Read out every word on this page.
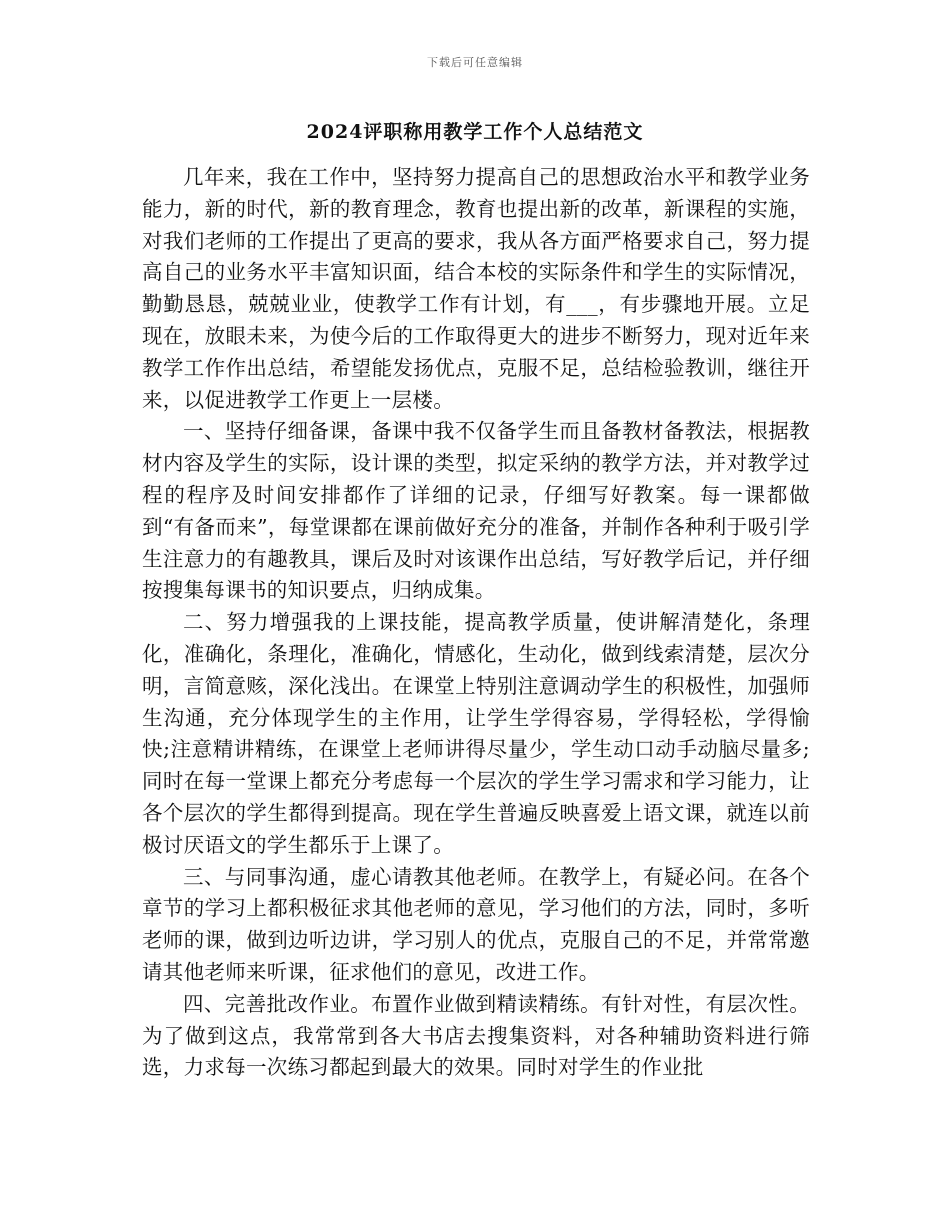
下载后可任意编辑
2024评职称用教学工作个人总结范文

几年来，我在工作中，坚持努力提高自己的思想政治水平和教学业务能力，新的时代，新的教育理念，教育也提出新的改革，新课程的实施，对我们老师的工作提出了更高的要求，我从各方面严格要求自己，努力提高自己的业务水平丰富知识面，结合本校的实际条件和学生的实际情况，勤勤恳恳，兢兢业业，使教学工作有计划，有___，有步骤地开展。立足现在，放眼未来，为使今后的工作取得更大的进步不断努力，现对近年来教学工作作出总结，希望能发扬优点，克服不足，总结检验教训，继往开来，以促进教学工作更上一层楼。

一、坚持仔细备课，备课中我不仅备学生而且备教材备教法，根据教材内容及学生的实际，设计课的类型，拟定采纳的教学方法，并对教学过程的程序及时间安排都作了详细的记录，仔细写好教案。每一课都做到“有备而来”，每堂课都在课前做好充分的准备，并制作各种利于吸引学生注意力的有趣教具，课后及时对该课作出总结，写好教学后记，并仔细按搜集每课书的知识要点，归纳成集。

二、努力增强我的上课技能，提高教学质量，使讲解清楚化，条理化，准确化，条理化，准确化，情感化，生动化，做到线索清楚，层次分明，言简意赅，深化浅出。在课堂上特别注意调动学生的积极性，加强师生沟通，充分体现学生的主作用，让学生学得容易，学得轻松，学得愉快;注意精讲精练，在课堂上老师讲得尽量少，学生动口动手动脑尽量多;同时在每一堂课上都充分考虑每一个层次的学生学习需求和学习能力，让各个层次的学生都得到提高。现在学生普遍反映喜爱上语文课，就连以前极讨厌语文的学生都乐于上课了。

三、与同事沟通，虚心请教其他老师。在教学上，有疑必问。在各个章节的学习上都积极征求其他老师的意见，学习他们的方法，同时，多听老师的课，做到边听边讲，学习别人的优点，克服自己的不足，并常常邀请其他老师来听课，征求他们的意见，改进工作。

四、完善批改作业。布置作业做到精读精练。有针对性，有层次性。为了做到这点，我常常到各大书店去搜集资料，对各种辅助资料进行筛选，力求每一次练习都起到最大的效果。同时对学生的作业批
